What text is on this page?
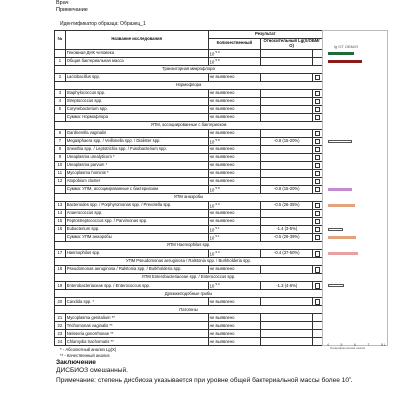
Врач
Примечание
Идентификатор образца: Образец_1
№	Название исследования	Результат		
		Количественный	Относительный Lg(Х/ОБМ/О)	
	Геномная ДНК человека	10 $^{5.9}$		
1	Общая бактериальная масса	10 $^{6.5}$		
Транзиторная микрофлора				
2	Lactobacillus spp.	не выявлено		
Нормофлора				
3	Staphylococcus spp.	не выявлено		
4	Streptococcus spp.	не выявлено		
5	Corynebacterium spp.	не выявлено		
	Сумма: Нормофлора	не выявлено		
УПМ, ассоциированные с бактериозом				
6	Gardnerella vaginalis	не выявлено		
7	Megasphaera spp. / Veillonella spp. / Dialister spp.	10 $^{5.8}$	-0.8 (15-20%)	
8	Sneathia spp. / Leptotrichia spp. / Fusobacterium spp.	не выявлено		
9	Ureaplasma urealyticum *	не выявлено		
10	Ureaplasma parvum *	не выявлено		
11	Mycoplasma hominis *	не выявлено		
12	Atopobium cluster	не выявлено		
	Сумма: УПМ, ассоциированные с бактериозом	10 $^{5.8}$	-0.8 (15-20%)	
УПМ анаэробы				
13	Bacteroides spp. / Porphyromonas spp. / Prevotella spp.	10 $^{6.0}$	-0.5 (26-35%)	
14	Anaerococcus spp.	не выявлено		
15	Peptostreptococcus spp. / Parvimonas spp.	не выявлено		
16	Eubacterium spp.	10 $^{5.1}$	-1.4 (3-5%)	
	Сумма: УПМ анаэробы	10 $^{6.1}$	-0.5 (29-39%)	
УПМ Haemophilus spp.				
17	Haemophilus spp.	10 $^{6.2}$	-0.4 (37-50%)	
УПМ Pseudomonas aeruginosa / Ralstonia spp. / Burkholderia spp.				
18	Pseudomonas aeruginosa / Ralstonia spp. / Burkholderia spp.	не выявлено		
УПМ Enterobacteriaceae spp. / Enterococcus spp.				
19	Enterobacteriaceae spp. / Enterococcus spp.	10 $^{5.2}$	-1.3 (4-6%)	
Дрожжеподобные грибы				
20	Candida spp. *	не выявлено		
Патогены				
21	Mycoplasma genitalium **	не выявлено		
22	Trichomonas vaginalis **	не выявлено		
23	Neisseria gonorrhoeae **	не выявлено		
24	Chlamydia trachomatis **	не выявлено		
lg ОТ ОБМ/О
4	5	6	7	8 L
Логарифмическая шкала
* - Абсолютный анализ Lg(X)
** - Качественный анализ
Заключение
ДИСБИОЗ смешанный.
Примечание: степень дисбиоза указывается при уровне общей бактериальной массы более $10^6$.
